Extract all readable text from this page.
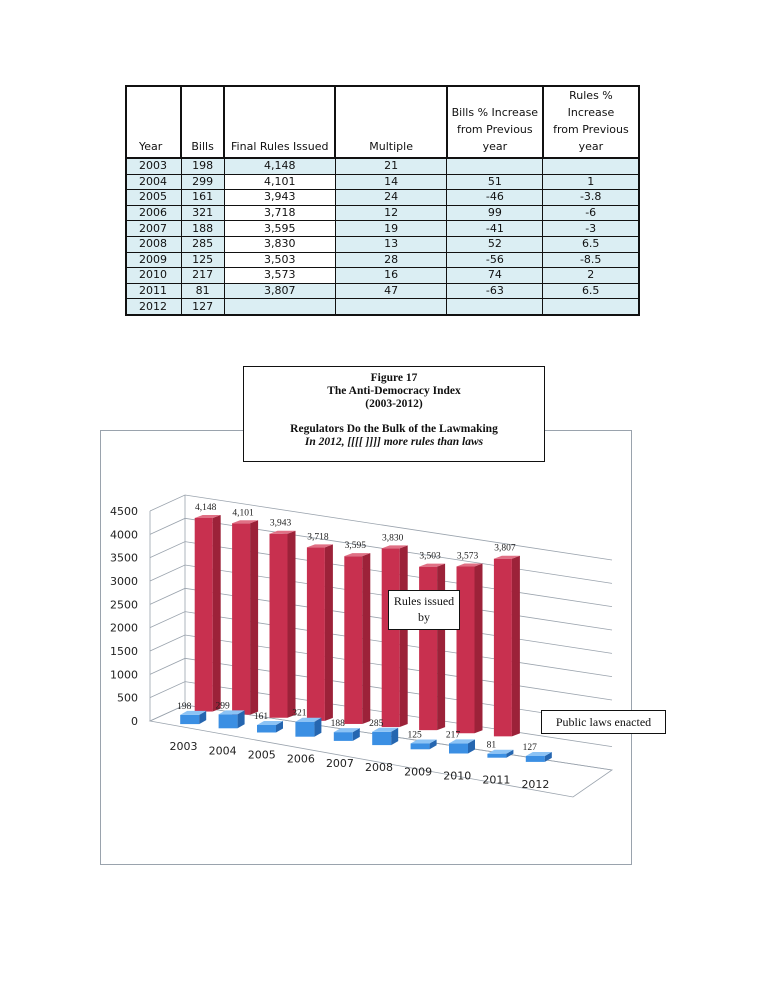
Year	Bills	Final Rules Issued	Multiple	Bills % Increase
from Previous
year	Rules % Increase
from Previous
year
2003	198	4,148	21		
2004	299	4,101	14	51	1
2005	161	3,943	24	-46	-3.8
2006	321	3,718	12	99	-6
2007	188	3,595	19	-41	-3
2008	285	3,830	13	52	6.5
2009	125	3,503	28	-56	-8.5
2010	217	3,573	16	74	2
2011	81	3,807	47	-63	6.5
2012	127				
0
500
1000
1500
2000
2500
3000
3500
4000
4500
2003 2004 2005 2006 2007 2008 2009 2010 2011 2012
4,148
4,101
3,943
3,718
3,595
3,830
3,503 3,573
3,807
198	299
161	321
188	285
125	217
81	127
Figure 17
The Anti-Democracy Index
(2003-2012)
Regulators Do the Bulk of the Lawmaking
In 2012, [[[[ ]]]] more rules than laws
Rules issued by
Public laws enacted
